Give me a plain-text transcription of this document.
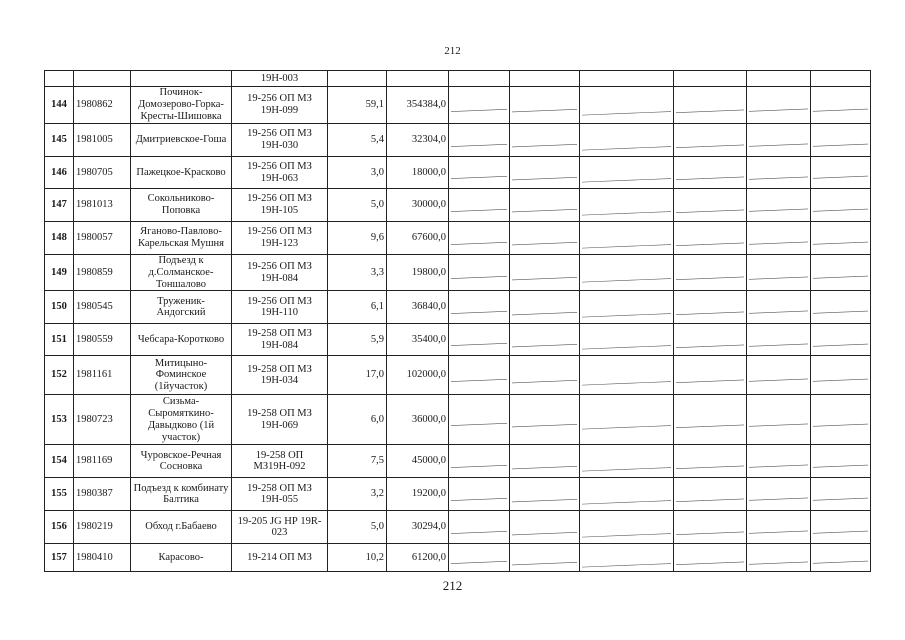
212
			19Н-003								
144	1980862	Починок-Домозерово-Горка-Кресты-Шишовка	19-256 ОП МЗ 19Н-099	59,1	354384,0	

145	1981005	Дмитриевское-Гоша	19-256 ОП МЗ 19Н-030	5,4	32304,0	

146	1980705	Пажецкое-Красково	19-256 ОП МЗ 19Н-063	3,0	18000,0	

147	1981013	Сокольниково-Поповка	19-256 ОП МЗ 19Н-105	5,0	30000,0	

148	1980057	Яганово-Павлово-Карельская Мушня	19-256 ОП МЗ 19Н-123	9,6	67600,0	

149	1980859	Подъезд к д.Солманское-Тоншалово	19-256 ОП МЗ 19Н-084	3,3	19800,0	

150	1980545	Труженик-Андогский	19-256 ОП МЗ 19Н-110	6,1	36840,0	

151	1980559	Чебсара-Коротково	19-258 ОП МЗ 19Н-084	5,9	35400,0	

152	1981161	Митицыно-Фоминское (1йучасток)	19-258 ОП МЗ 19Н-034	17,0	102000,0	

153	1980723	Сизьма-Сыромяткино-Давыдково (1й участок)	19-258 ОП МЗ 19Н-069	6,0	36000,0	

154	1981169	Чуровское-Речная Сосновка	19-258 ОП МЗ19Н-092	7,5	45000,0	

155	1980387	Подъезд к комбинату Балтика	19-258 ОП МЗ 19Н-055	3,2	19200,0	

156	1980219	Обход г.Бабаево	19-205 JG НР 19R-023	5,0	30294,0	

157	1980410	Карасово-	19-214 ОП МЗ	10,2	61200,0	

212
